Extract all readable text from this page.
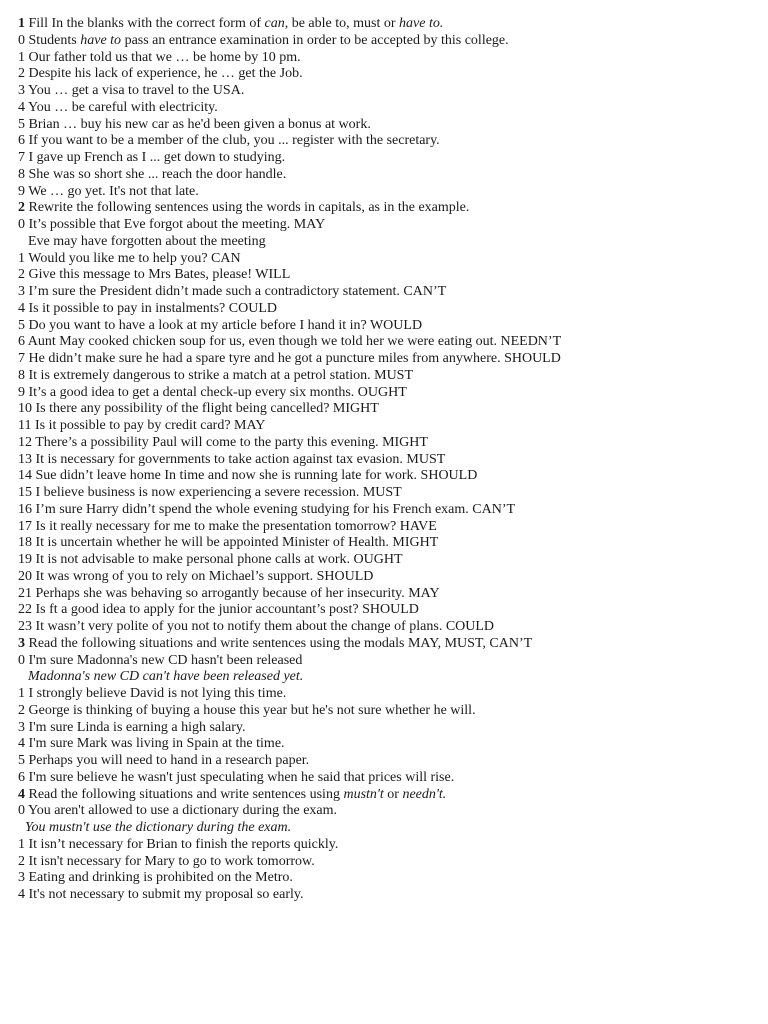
1 Fill In the blanks with the correct form of can, be able to, must or have to.
0 Students have to pass an entrance examination in order to be accepted by this college.
1 Our father told us that we … be home by 10 pm.
2 Despite his lack of experience, he … get the Job.
3 You … get a visa to travel to the USA.
4 You … be careful with electricity.
5 Brian … buy his new car as he'd been given a bonus at work.
6 If you want to be a member of the club, you ... register with the secretary.
7 I gave up French as I ... get down to studying.
8 She was so short she ... reach the door handle.
9 We … go yet. It's not that late.
2 Rewrite the following sentences using the words in capitals, as in the example.
0 It’s possible that Eve forgot about the meeting. MAY
Eve may have forgotten about the meeting
1 Would you like me to help you? CAN
2 Give this message to Mrs Bates, please! WILL
3 I’m sure the President didn’t made such a contradictory statement. CAN’T
4 Is it possible to pay in instalments? COULD
5 Do you want to have a look at my article before I hand it in? WOULD
6 Aunt May cooked chicken soup for us, even though we told her we were eating out. NEEDN’T
7 He didn’t make sure he had a spare tyre and he got a puncture miles from anywhere. SHOULD
8 It is extremely dangerous to strike a match at a petrol station. MUST
9 It’s a good idea to get a dental check-up every six months. OUGHT
10 Is there any possibility of the flight being cancelled? MIGHT
11 Is it possible to pay by credit card? MAY
12 There’s a possibility Paul will come to the party this evening. MIGHT
13 It is necessary for governments to take action against tax evasion. MUST
14 Sue didn’t leave home In time and now she is running late for work. SHOULD
15 I believe business is now experiencing a severe recession. MUST
16 I’m sure Harry didn’t spend the whole evening studying for his French exam. CAN’T
17 Is it really necessary for me to make the presentation tomorrow? HAVE
18 It is uncertain whether he will be appointed Minister of Health. MIGHT
19 It is not advisable to make personal phone calls at work. OUGHT
20 It was wrong of you to rely on Michael’s support. SHOULD
21 Perhaps she was behaving so arrogantly because of her insecurity. MAY
22 Is ft a good idea to apply for the junior accountant’s post? SHOULD
23 It wasn’t very polite of you not to notify them about the change of plans. COULD
3 Read the following situations and write sentences using the modals MAY, MUST, CAN’T
0 I'm sure Madonna's new CD hasn't been released
Madonna's new CD can't have been released yet.
1 I strongly believe David is not lying this time.
2 George is thinking of buying a house this year but he's not sure whether he will.
3 I'm sure Linda is earning a high salary.
4 I'm sure Mark was living in Spain at the time.
5 Perhaps you will need to hand in a research paper.
6 I'm sure believe he wasn't just speculating when he said that prices will rise.
4 Read the following situations and write sentences using mustn't or needn't.
0 You aren't allowed to use a dictionary during the exam.
You mustn't use the dictionary during the exam.
1 It isn’t necessary for Brian to finish the reports quickly.
2 It isn't necessary for Mary to go to work tomorrow.
3 Eating and drinking is prohibited on the Metro.
4 It's not necessary to submit my proposal so early.
